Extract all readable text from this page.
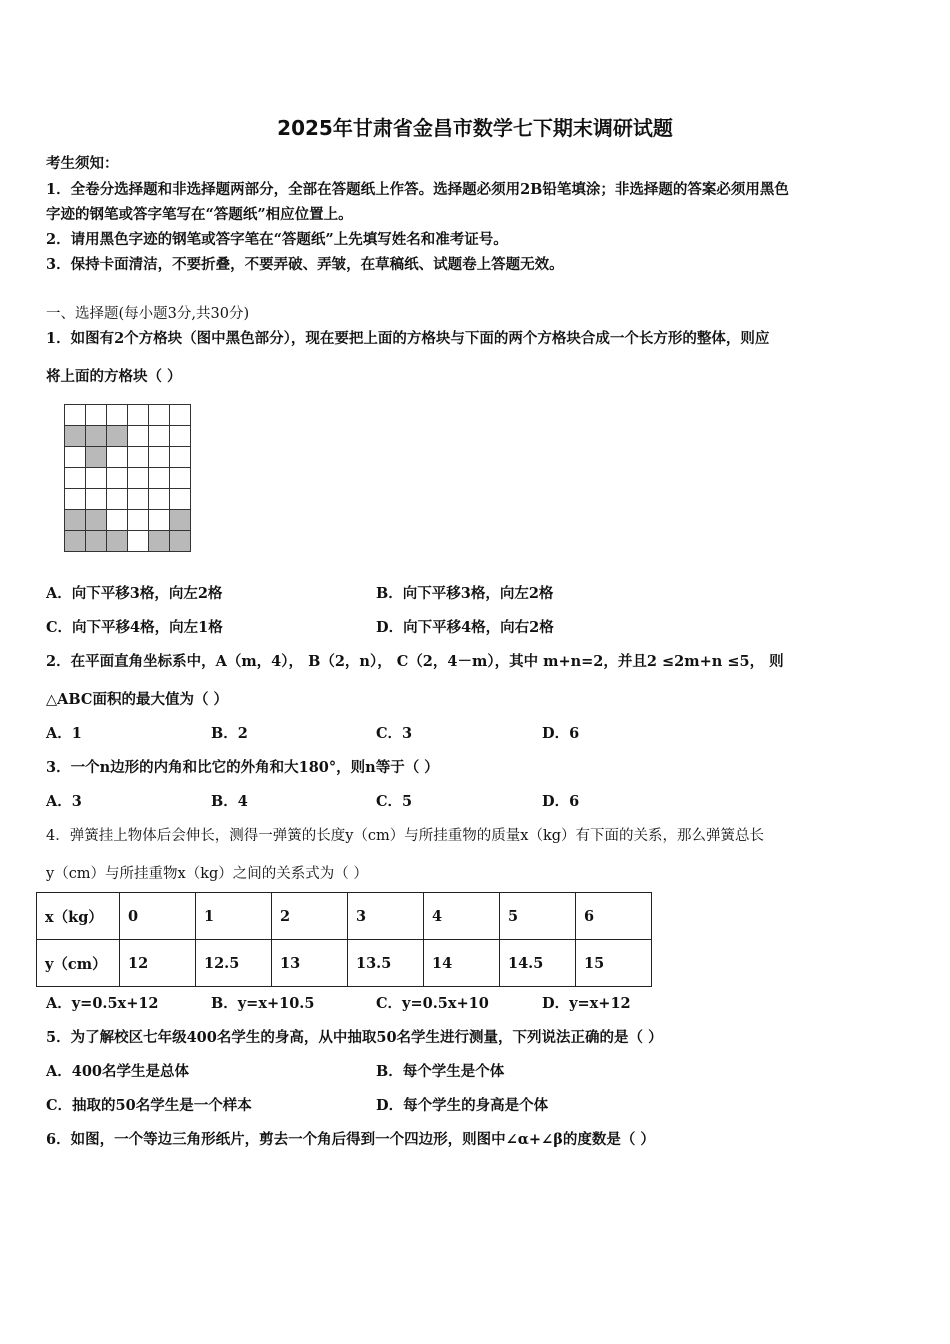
2025年甘肃省金昌市数学七下期末调研试题
考生须知：
1．全卷分选择题和非选择题两部分，全部在答题纸上作答。选择题必须用2B铅笔填涂；非选择题的答案必须用黑色
字迹的钢笔或答字笔写在“答题纸”相应位置上。
2．请用黑色字迹的钢笔或答字笔在“答题纸”上先填写姓名和准考证号。
3．保持卡面清洁，不要折叠，不要弄破、弄皱，在草稿纸、试题卷上答题无效。
一、选择题(每小题3分,共30分)
1．如图有2个方格块（图中黑色部分），现在要把上面的方格块与下面的两个方格块合成一个长方形的整体，则应
将上面的方格块（ ）

A．向下平移3格，向左2格	B．向下平移3格，向左2格
C．向下平移4格，向左1格	D．向下平移4格，向右2格
2．在平面直角坐标系中，A（m，4）， B（2，n）， C（2，4－m），其中 m+n=2，并且2 ≤2m+n ≤5， 则
△ABC面积的最大值为（ ）
A．1	B．2	C．3	D．6
3．一个n边形的内角和比它的外角和大180°，则n等于（ ）
A．3	B．4	C．5	D．6
4．弹簧挂上物体后会伸长，测得一弹簧的长度y（cm）与所挂重物的质量x（kg）有下面的关系，那么弹簧总长
y（cm）与所挂重物x（kg）之间的关系式为（ ）
x（kg）	0	1	2	3	4	5	6
y（cm）	12	12.5	13	13.5	14	14.5	15
A．y=0.5x+12	B．y=x+10.5	C．y=0.5x+10	D．y=x+12
5．为了解校区七年级400名学生的身高，从中抽取50名学生进行测量，下列说法正确的是（ ）
A．400名学生是总体	B．每个学生是个体
C．抽取的50名学生是一个样本	D．每个学生的身高是个体
6．如图，一个等边三角形纸片，剪去一个角后得到一个四边形，则图中∠α+∠β的度数是（ ）
